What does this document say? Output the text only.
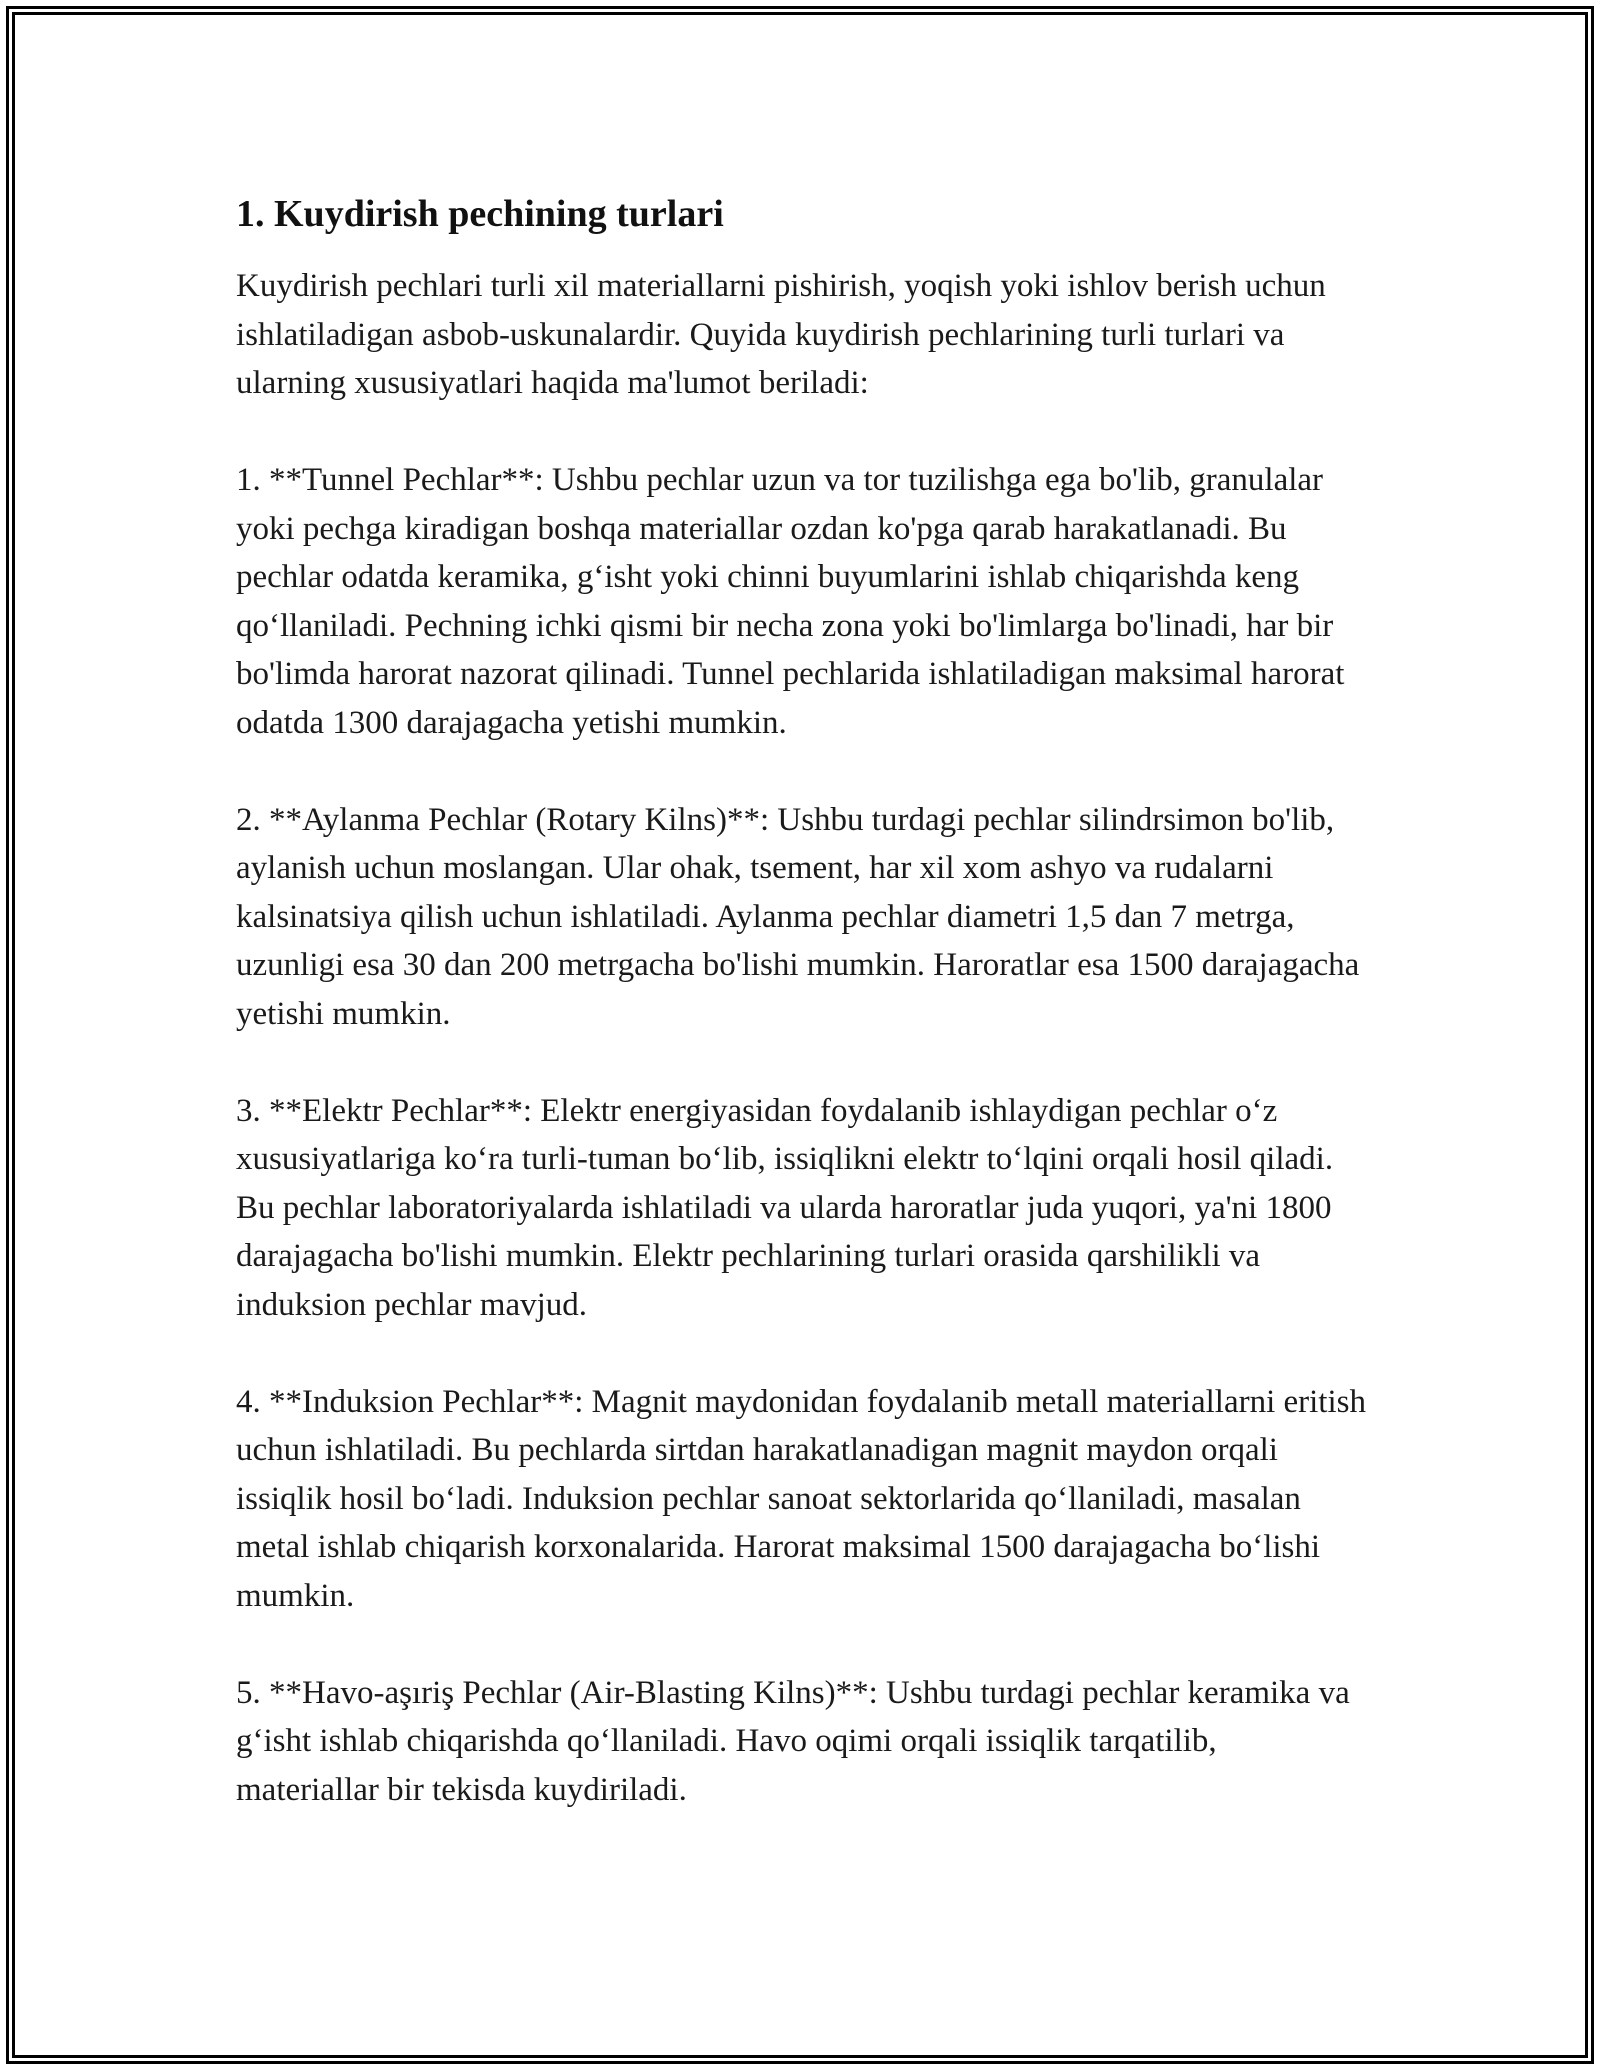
1. Kuydirish pechining turlari

Kuydirish pechlari turli xil materiallarni pishirish, yoqish yoki ishlov berish uchun ishlatiladigan asbob-uskunalardir. Quyida kuydirish pechlarining turli turlari va ularning xususiyatlari haqida ma'lumot beriladi:

1. **Tunnel Pechlar**: Ushbu pechlar uzun va tor tuzilishga ega bo'lib, granulalar yoki pechga kiradigan boshqa materiallar ozdan ko'pga qarab harakatlanadi. Bu pechlar odatda keramika, g‘isht yoki chinni buyumlarini ishlab chiqarishda keng qo‘llaniladi. Pechning ichki qismi bir necha zona yoki bo'limlarga bo'linadi, har bir bo'limda harorat nazorat qilinadi. Tunnel pechlarida ishlatiladigan maksimal harorat odatda 1300 darajagacha yetishi mumkin.

2. **Aylanma Pechlar (Rotary Kilns)**: Ushbu turdagi pechlar silindrsimon bo'lib, aylanish uchun moslangan. Ular ohak, tsement, har xil xom ashyo va rudalarni kalsinatsiya qilish uchun ishlatiladi. Aylanma pechlar diametri 1,5 dan 7 metrga, uzunligi esa 30 dan 200 metrgacha bo'lishi mumkin. Haroratlar esa 1500 darajagacha yetishi mumkin.

3. **Elektr Pechlar**: Elektr energiyasidan foydalanib ishlaydigan pechlar o‘z xususiyatlariga ko‘ra turli-tuman bo‘lib, issiqlikni elektr to‘lqini orqali hosil qiladi. Bu pechlar laboratoriyalarda ishlatiladi va ularda haroratlar juda yuqori, ya'ni 1800 darajagacha bo'lishi mumkin. Elektr pechlarining turlari orasida qarshilikli va induksion pechlar mavjud.

4. **Induksion Pechlar**: Magnit maydonidan foydalanib metall materiallarni eritish uchun ishlatiladi. Bu pechlarda sirtdan harakatlanadigan magnit maydon orqali issiqlik hosil bo‘ladi. Induksion pechlar sanoat sektorlarida qo‘llaniladi, masalan metal ishlab chiqarish korxonalarida. Harorat maksimal 1500 darajagacha bo‘lishi mumkin.

5. **Havo-aşıriş Pechlar (Air-Blasting Kilns)**: Ushbu turdagi pechlar keramika va g‘isht ishlab chiqarishda qo‘llaniladi. Havo oqimi orqali issiqlik tarqatilib, materiallar bir tekisda kuydiriladi.
